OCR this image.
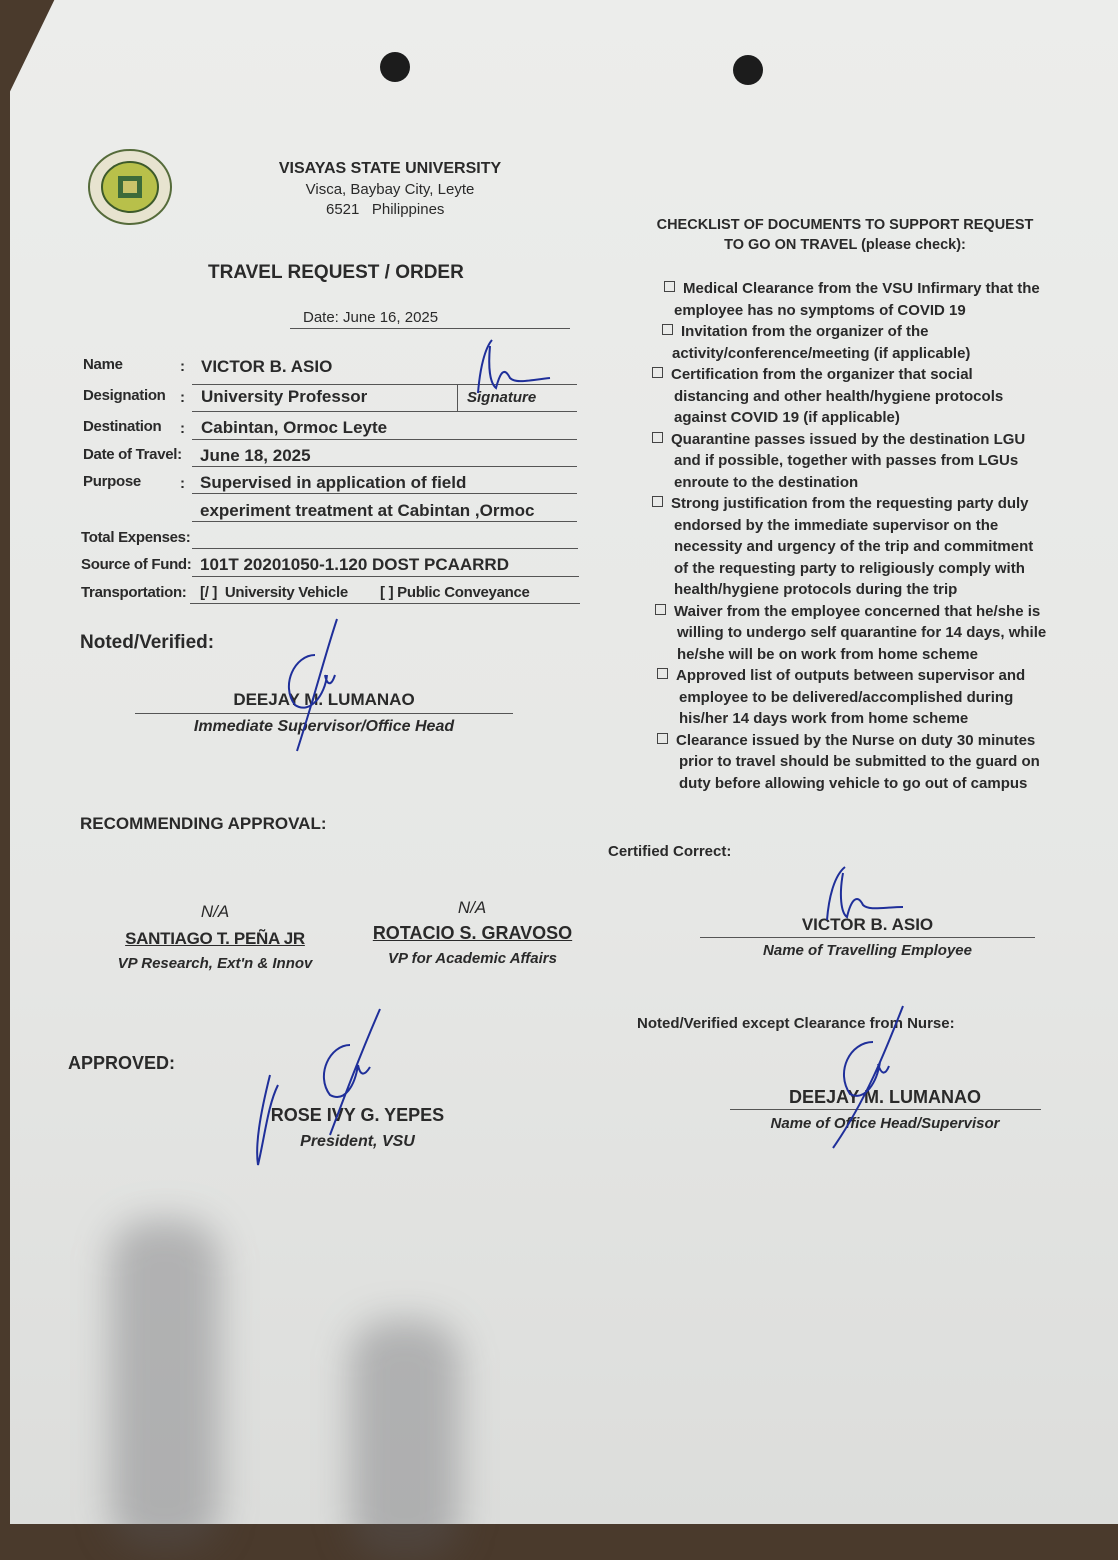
VISAYAS STATE UNIVERSITY
Visca, Baybay City, Leyte
6521   Philippines
TRAVEL REQUEST / ORDER
Date: June 16, 2025
Name	: VICTOR B. ASIO
Designation : University Professor	Signature
Destination : Cabintan, Ormoc Leyte
Date of Travel: June 18, 2025
Purpose	: Supervised in application of field
experiment treatment at Cabintan ,Ormoc
Total Expenses:
Source of Fund: 101T 20201050-1.120 DOST PCAARRD
Transportation: [/ ]  University Vehicle [ ] Public Conveyance
CHECKLIST OF DOCUMENTS TO SUPPORT REQUEST
TO GO ON TRAVEL (please check):
Medical Clearance from the VSU Infirmary that the
employee has no symptoms of COVID 19
Invitation from the organizer of the
activity/conference/meeting (if applicable)
Certification from the organizer that social
distancing and other health/hygiene protocols
against COVID 19 (if applicable)
Quarantine passes issued by the destination LGU
and if possible, together with passes from LGUs
enroute to the destination
Strong justification from the requesting party duly
endorsed by the immediate supervisor on the
necessity and urgency of the trip and commitment
of the requesting party to religiously comply with
health/hygiene protocols during the trip
Waiver from the employee concerned that he/she is
willing to undergo self quarantine for 14 days, while
he/she will be on work from home scheme
Approved list of outputs between supervisor and
employee to be delivered/accomplished during
his/her 14 days work from home scheme
Clearance issued by the Nurse on duty 30 minutes
prior to travel should be submitted to the guard on
duty before allowing vehicle to go out of campus
Noted/Verified:
DEEJAY M. LUMANAO
Immediate Supervisor/Office Head
RECOMMENDING APPROVAL:
N/A
SANTIAGO T. PEÑA JR
VP Research, Ext'n & Innov
N/A
ROTACIO S. GRAVOSO
VP for Academic Affairs
Certified Correct:
VICTOR B. ASIO
Name of Travelling Employee
Noted/Verified except Clearance from Nurse:
DEEJAY M. LUMANAO
Name of Office Head/Supervisor
APPROVED:
ROSE IVY G. YEPES
President, VSU
